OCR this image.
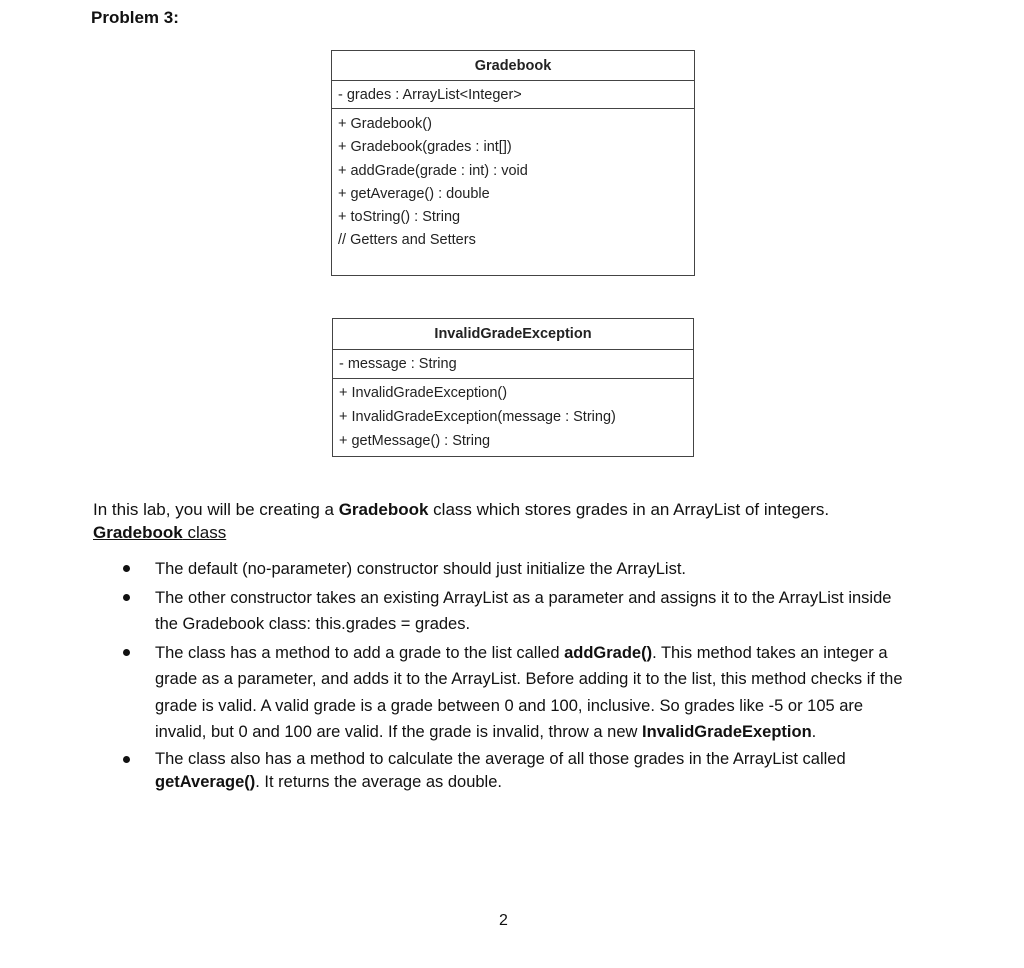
Problem 3:
Gradebook
- grades : ArrayList<Integer>
+ Gradebook()
+ Gradebook(grades : int[])
+ addGrade(grade : int) : void
+ getAverage() : double
+ toString() : String
// Getters and Setters
InvalidGradeException
- message : String
+ InvalidGradeException()
+ InvalidGradeException(message : String)
+ getMessage() : String
In this lab, you will be creating a Gradebook class which stores grades in an ArrayList of integers. Gradebook class
The default (no-parameter) constructor should just initialize the ArrayList.
The other constructor takes an existing ArrayList as a parameter and assigns it to the ArrayList inside the Gradebook class: this.grades = grades.
The class has a method to add a grade to the list called addGrade(). This method takes an integer a grade as a parameter, and adds it to the ArrayList. Before adding it to the list, this method checks if the grade is valid. A valid grade is a grade between 0 and 100, inclusive. So grades like -5 or 105 are invalid, but 0 and 100 are valid. If the grade is invalid, throw a new InvalidGradeExeption.
The class also has a method to calculate the average of all those grades in the ArrayList called getAverage(). It returns the average as double.
2
